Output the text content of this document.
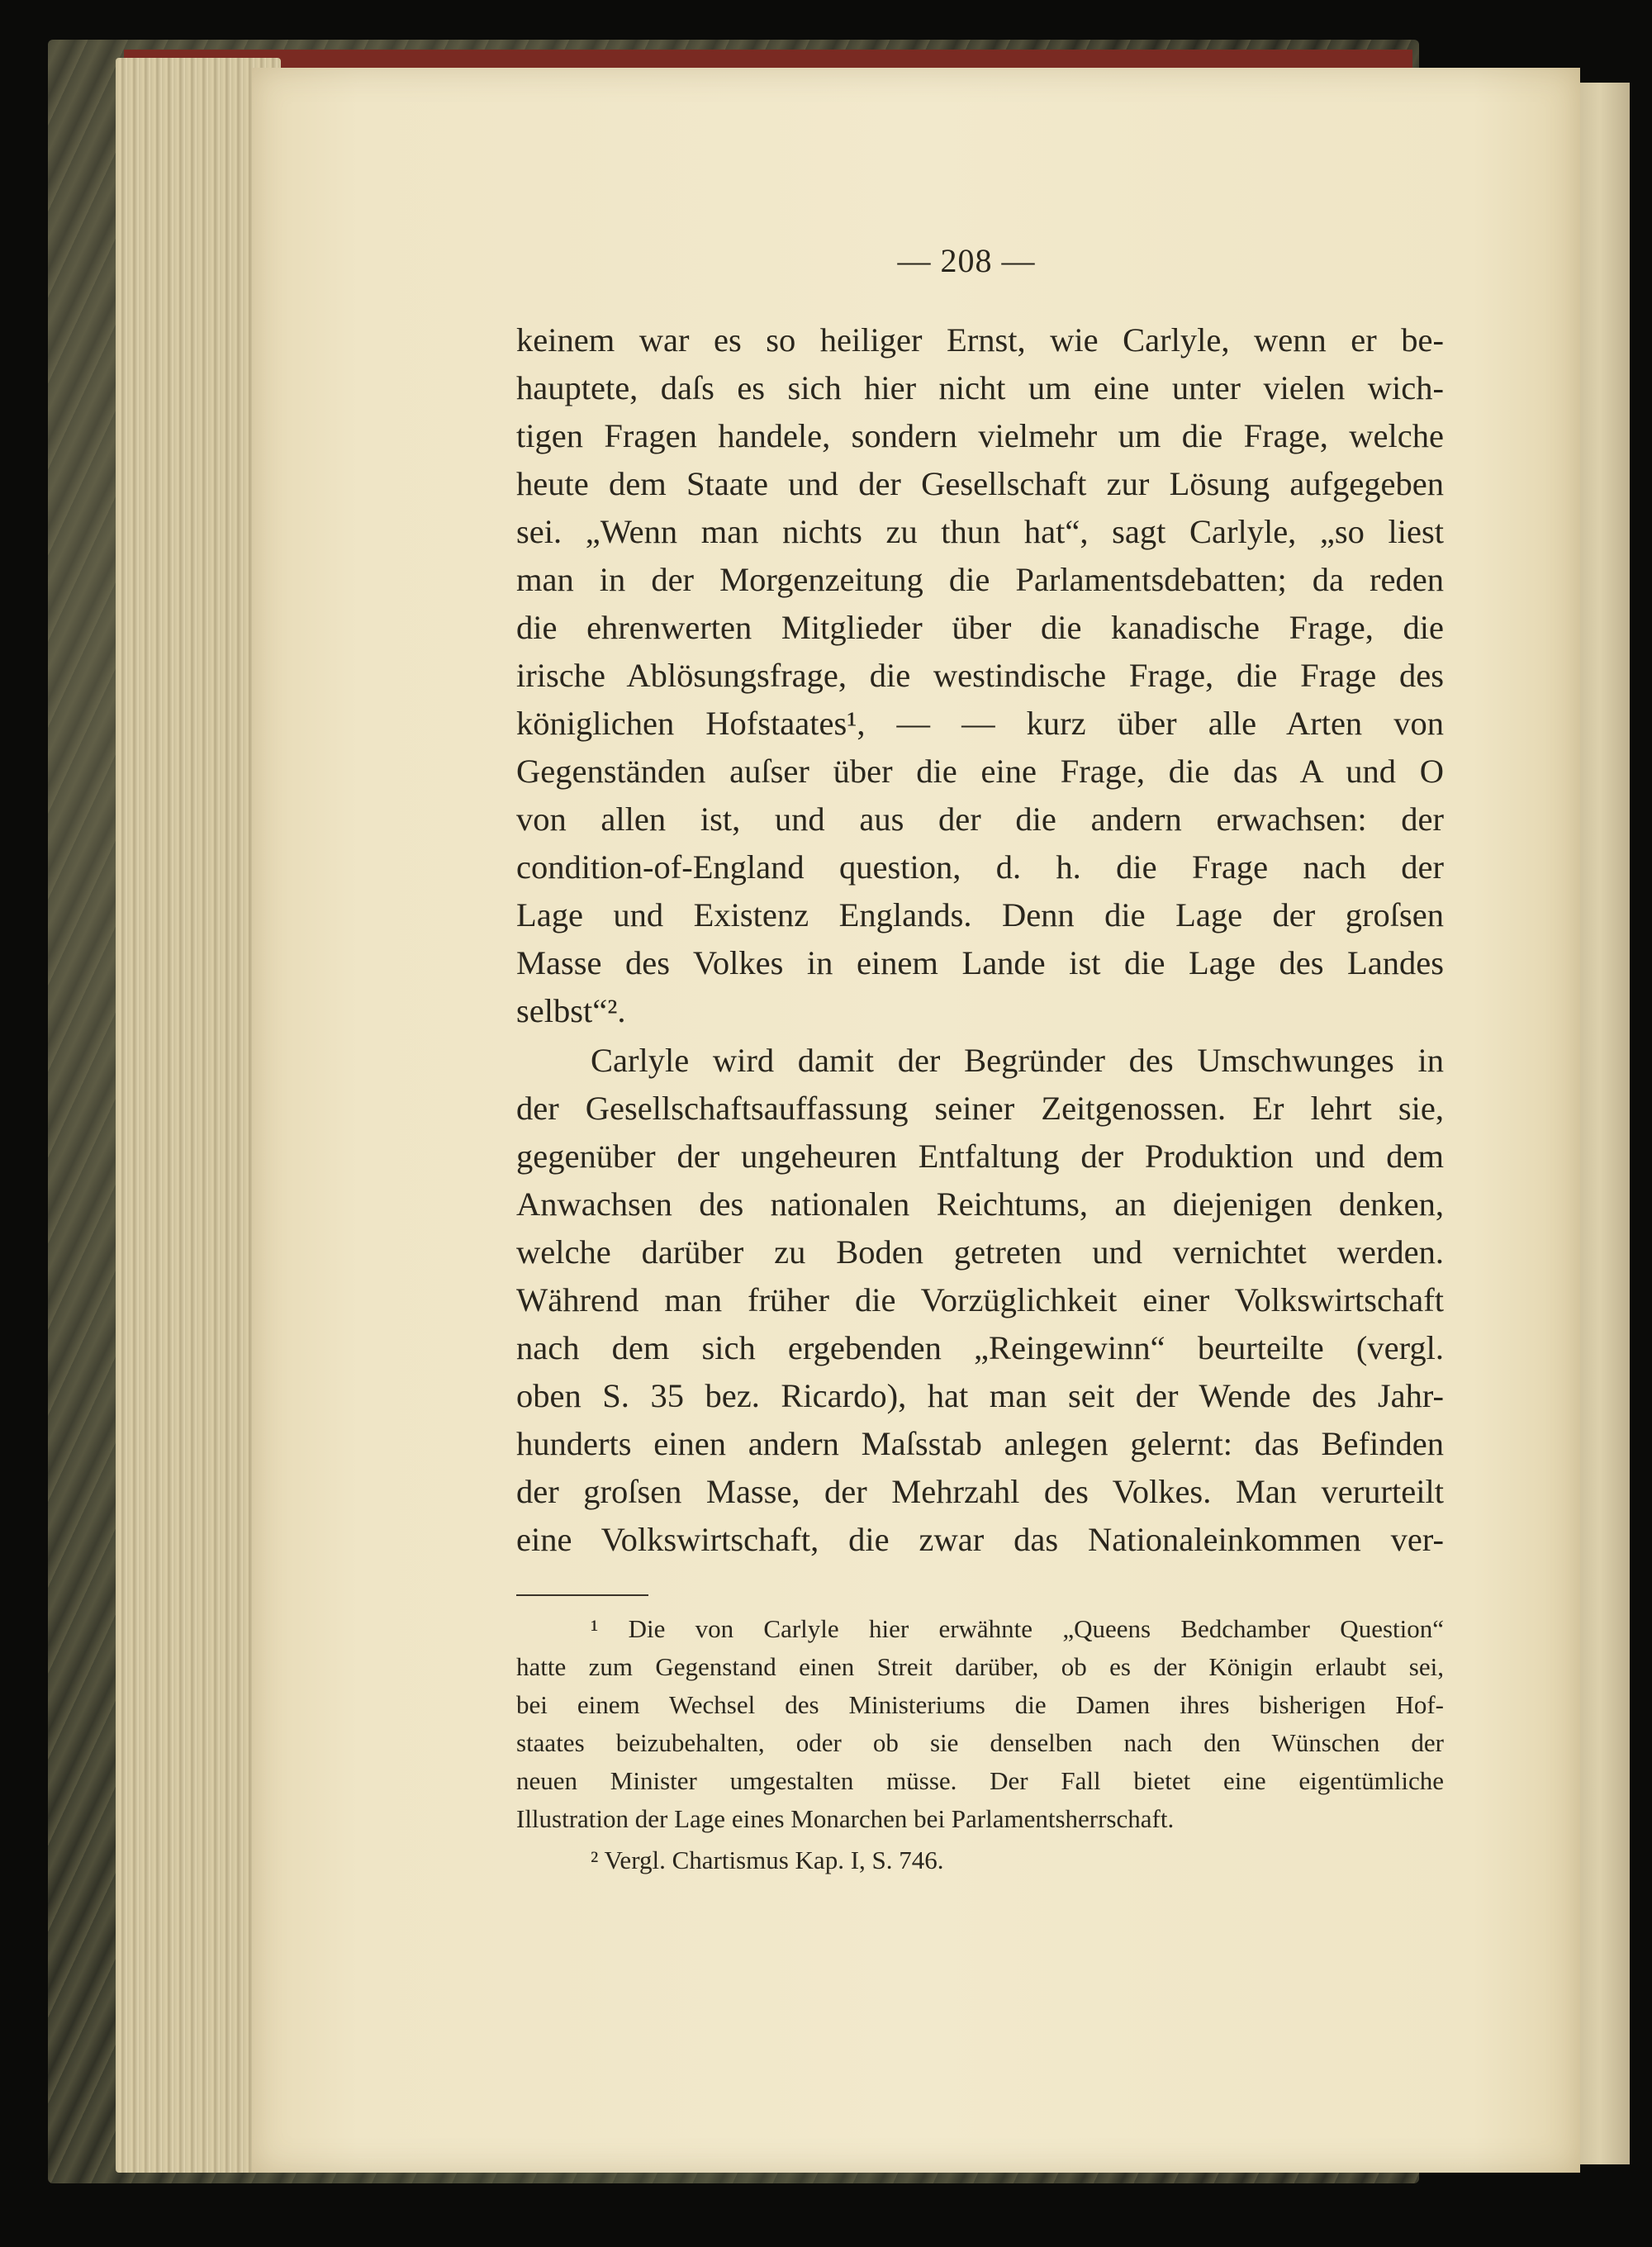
— 208 —
keinem war es so heiliger Ernst, wie Carlyle, wenn er be-
hauptete, daſs es sich hier nicht um eine unter vielen wich-
tigen Fragen handele, sondern vielmehr um die Frage, welche
heute dem Staate und der Gesellschaft zur Lösung aufgegeben
sei. „Wenn man nichts zu thun hat“, sagt Carlyle, „so liest
man in der Morgenzeitung die Parlamentsdebatten; da reden
die ehrenwerten Mitglieder über die kanadische Frage, die
irische Ablösungsfrage, die westindische Frage, die Frage des
königlichen Hofstaates¹, — — kurz über alle Arten von
Gegenständen auſser über die eine Frage, die das A und O
von allen ist, und aus der die andern erwachsen: der
condition-of-England question, d. h. die Frage nach der
Lage und Existenz Englands. Denn die Lage der groſsen
Masse des Volkes in einem Lande ist die Lage des Landes
selbst“².
Carlyle wird damit der Begründer des Umschwunges in
der Gesellschaftsauffassung seiner Zeitgenossen. Er lehrt sie,
gegenüber der ungeheuren Entfaltung der Produktion und dem
Anwachsen des nationalen Reichtums, an diejenigen denken,
welche darüber zu Boden getreten und vernichtet werden.
Während man früher die Vorzüglichkeit einer Volkswirtschaft
nach dem sich ergebenden „Reingewinn“ beurteilte (vergl.
oben S. 35 bez. Ricardo), hat man seit der Wende des Jahr-
hunderts einen andern Maſsstab anlegen gelernt: das Befinden
der groſsen Masse, der Mehrzahl des Volkes. Man verurteilt
eine Volkswirtschaft, die zwar das Nationaleinkommen ver-
¹ Die von Carlyle hier erwähnte „Queens Bedchamber Question“
hatte zum Gegenstand einen Streit darüber, ob es der Königin erlaubt sei,
bei einem Wechsel des Ministeriums die Damen ihres bisherigen Hof-
staates beizubehalten, oder ob sie denselben nach den Wünschen der
neuen Minister umgestalten müsse. Der Fall bietet eine eigentümliche
Illustration der Lage eines Monarchen bei Parlamentsherrschaft.
² Vergl. Chartismus Kap. I, S. 746.
